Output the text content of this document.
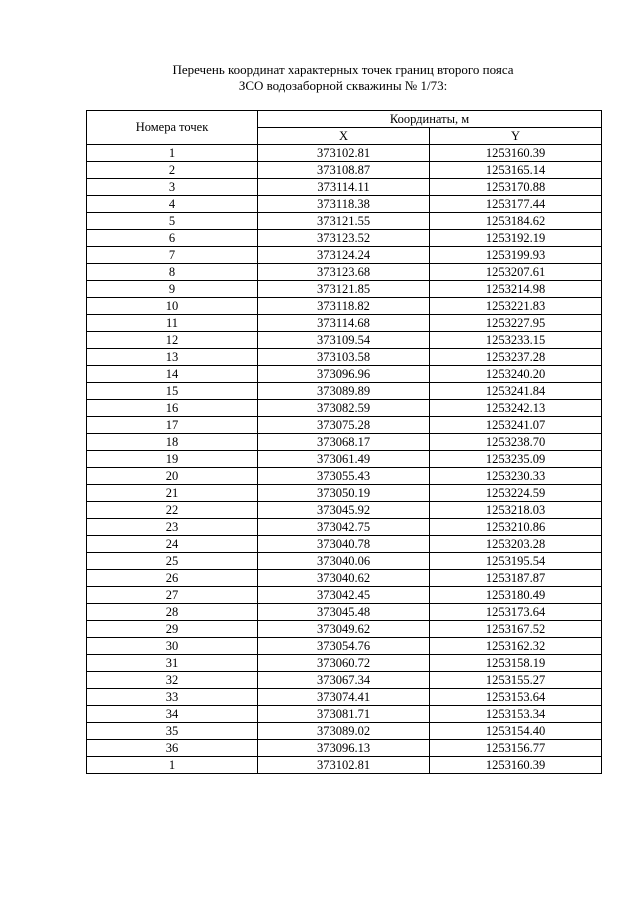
Перечень координат характерных точек границ второго пояса
ЗСО водозаборной скважины № 1/73:
Номера точек	Координаты, м	
	X	Y
1	373102.81	1253160.39
2	373108.87	1253165.14
3	373114.11	1253170.88
4	373118.38	1253177.44
5	373121.55	1253184.62
6	373123.52	1253192.19
7	373124.24	1253199.93
8	373123.68	1253207.61
9	373121.85	1253214.98
10	373118.82	1253221.83
11	373114.68	1253227.95
12	373109.54	1253233.15
13	373103.58	1253237.28
14	373096.96	1253240.20
15	373089.89	1253241.84
16	373082.59	1253242.13
17	373075.28	1253241.07
18	373068.17	1253238.70
19	373061.49	1253235.09
20	373055.43	1253230.33
21	373050.19	1253224.59
22	373045.92	1253218.03
23	373042.75	1253210.86
24	373040.78	1253203.28
25	373040.06	1253195.54
26	373040.62	1253187.87
27	373042.45	1253180.49
28	373045.48	1253173.64
29	373049.62	1253167.52
30	373054.76	1253162.32
31	373060.72	1253158.19
32	373067.34	1253155.27
33	373074.41	1253153.64
34	373081.71	1253153.34
35	373089.02	1253154.40
36	373096.13	1253156.77
1	373102.81	1253160.39
